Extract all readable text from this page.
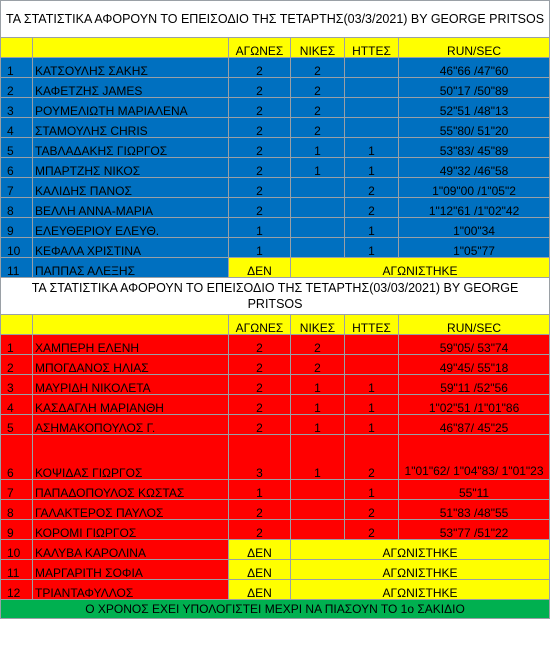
ΤΑ ΣΤΑΤΙΣΤΙΚΑ ΑΦΟΡΟΥΝ ΤΟ ΕΠΕΙΣΟΔΙΟ ΤΗΣ ΤΕΤΑΡΤΗΣ(03/3/2021) BY GEORGE PRITSOS					
		ΑΓΩΝΕΣ	ΝΙΚΕΣ	ΗΤΤΕΣ	RUN/SEC
1	ΚΑΤΣΟΥΛΗΣ ΣΑΚΗΣ	2	2		46"66 /47"60
2	ΚΑΦΕΤΖΗΣ JAMES	2	2		50"17 /50"89
3	ΡΟΥΜΕΛΙΩΤΗ ΜΑΡΙΑΛΕΝΑ	2	2		52"51 /48"13
4	ΣΤΑΜΟΥΛΗΣ CHRIS	2	2		55"80/ 51"20
5	ΤΑΒΛΑΔΑΚΗΣ ΓΙΩΡΓΟΣ	2	1	1	53"83/ 45"89
6	ΜΠΑΡΤΖΗΣ ΝΙΚΟΣ	2	1	1	49"32 /46"58
7	ΚΑΛΙΔΗΣ ΠΑΝΟΣ	2		2	1"09"00 /1"05"2
8	ΒΕΛΛΗ ΑΝΝΑ-ΜΑΡΙΑ	2		2	1"12"61 /1"02"42
9	ΕΛΕΥΘΕΡΙΟΥ ΕΛΕΥΘ.	1		1	1"00"34
10	ΚΕΦΑΛΑ ΧΡΙΣΤΙΝΑ	1		1	1"05"77
11	ΠΑΠΠΑΣ ΑΛΕΞΗΣ	ΔΕΝ	ΑΓΩΝΙΣΤΗΚΕ		
ΤΑ ΣΤΑΤΙΣΤΙΚΑ ΑΦΟΡΟΥΝ ΤΟ ΕΠΕΙΣΟΔΙΟ ΤΗΣ ΤΕΤΑΡΤΗΣ(03/03/2021) BY GEORGE PRITSOS					
		ΑΓΩΝΕΣ	ΝΙΚΕΣ	ΗΤΤΕΣ	RUN/SEC
1	ΧΑΜΠΕΡΗ ΕΛΕΝΗ	2	2		59"05/ 53"74
2	ΜΠΟΓΔΑΝΟΣ ΗΛΙΑΣ	2	2		49"45/ 55"18
3	ΜΑΥΡΙΔΗ ΝΙΚΟΛΕΤΑ	2	1	1	59"11 /52"56
4	ΚΑΣΔΑΓΛΗ ΜΑΡΙΑΝΘΗ	2	1	1	1"02"51 /1"01"86
5	ΑΣΗΜΑΚΟΠΟΥΛΟΣ Γ.	2	1	1	46"87/ 45"25
6	ΚΟΨΙΔΑΣ ΓΙΩΡΓΟΣ	3	1	2	1"01"62/ 1"04"83/ 1"01"23
7	ΠΑΠΑΔΟΠΟΥΛΟΣ ΚΩΣΤΑΣ	1		1	55"11
8	ΓΑΛΑΚΤΕΡΟΣ ΠΑΥΛΟΣ	2		2	51"83 /48"55
9	ΚΟΡΟΜΙ ΓΙΩΡΓΟΣ	2		2	53"77 /51"22
10	ΚΑΛΥΒΑ ΚΑΡΟΛΙΝΑ	ΔΕΝ	ΑΓΩΝΙΣΤΗΚΕ		
11	ΜΑΡΓΑΡΙΤΗ ΣΟΦΙΑ	ΔΕΝ	ΑΓΩΝΙΣΤΗΚΕ		
12	ΤΡΙΑΝΤΑΦΥΛΛΟΣ	ΔΕΝ	ΑΓΩΝΙΣΤΗΚΕ		
Ο ΧΡΟΝΟΣ ΕΧΕΙ ΥΠΟΛΟΓΙΣΤΕΙ ΜΕΧΡΙ ΝΑ ΠΙΑΣΟΥΝ ΤΟ 1ο ΣΑΚΙΔΙΟ					
